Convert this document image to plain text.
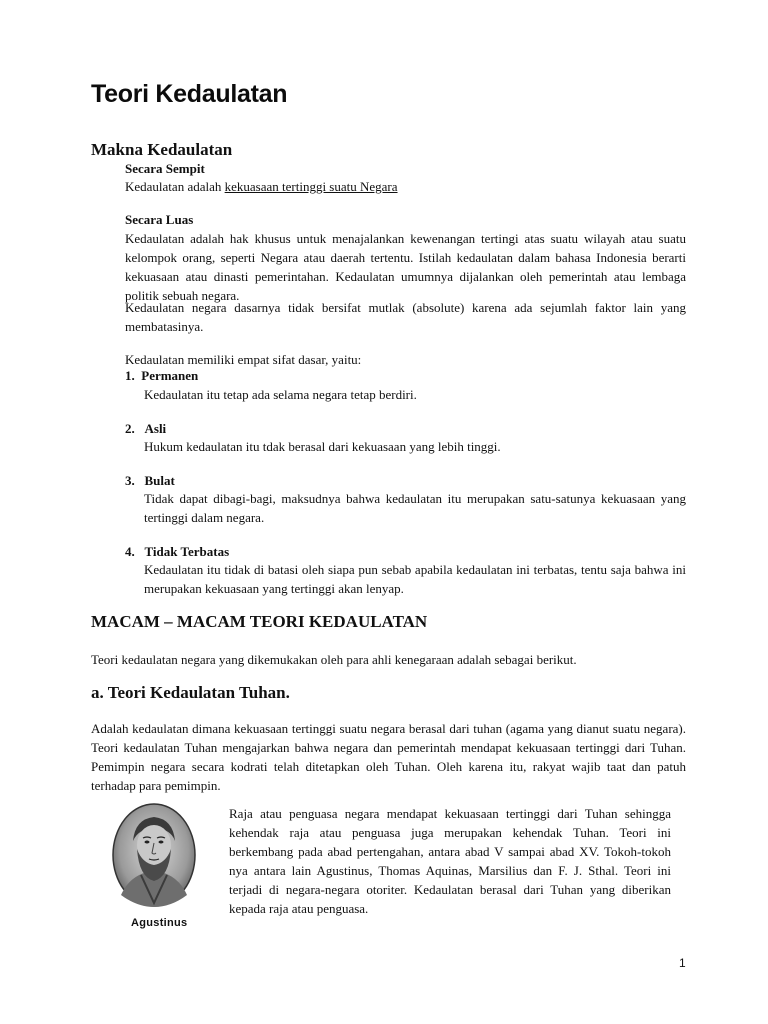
Teori Kedaulatan
Makna Kedaulatan
Secara Sempit
Kedaulatan adalah kekuasaan tertinggi suatu Negara
Secara Luas
Kedaulatan adalah hak khusus untuk menajalankan kewenangan tertingi atas suatu wilayah atau suatu kelompok orang, seperti Negara atau daerah tertentu. Istilah kedaulatan dalam bahasa Indonesia berarti kekuasaan atau dinasti pemerintahan. Kedaulatan umumnya dijalankan oleh pemerintah atau lembaga politik sebuah negara.
Kedaulatan negara dasarnya tidak bersifat mutlak (absolute) karena ada sejumlah faktor lain yang membatasinya.
Kedaulatan memiliki empat sifat dasar, yaitu:
1. Permanen
Kedaulatan itu tetap ada selama negara tetap berdiri.
2. Asli
Hukum kedaulatan itu tdak berasal dari kekuasaan yang lebih tinggi.
3. Bulat
Tidak dapat dibagi-bagi, maksudnya bahwa kedaulatan itu merupakan satu-satunya kekuasaan yang tertinggi dalam negara.
4. Tidak Terbatas
Kedaulatan itu tidak di batasi oleh siapa pun sebab apabila kedaulatan ini terbatas, tentu saja bahwa ini merupakan kekuasaan yang tertinggi akan lenyap.
MACAM – MACAM TEORI KEDAULATAN
Teori kedaulatan negara yang dikemukakan oleh para ahli kenegaraan adalah sebagai berikut.
a. Teori Kedaulatan Tuhan.
Adalah kedaulatan dimana kekuasaan tertinggi suatu negara berasal dari tuhan (agama yang dianut suatu negara). Teori kedaulatan Tuhan mengajarkan bahwa negara dan pemerintah mendapat kekuasaan tertinggi dari Tuhan. Pemimpin negara secara kodrati telah ditetapkan oleh Tuhan. Oleh karena itu, rakyat wajib taat dan patuh terhadap para pemimpin.
Agustinus
Raja atau penguasa negara mendapat kekuasaan tertinggi dari Tuhan sehingga kehendak raja atau penguasa juga merupakan kehendak Tuhan. Teori ini berkembang pada abad pertengahan, antara abad V sampai abad XV. Tokoh-tokoh nya antara lain Agustinus, Thomas Aquinas, Marsilius dan F. J. Sthal. Teori ini terjadi di negara-negara otoriter. Kedaulatan berasal dari Tuhan yang diberikan kepada raja atau penguasa.
1
